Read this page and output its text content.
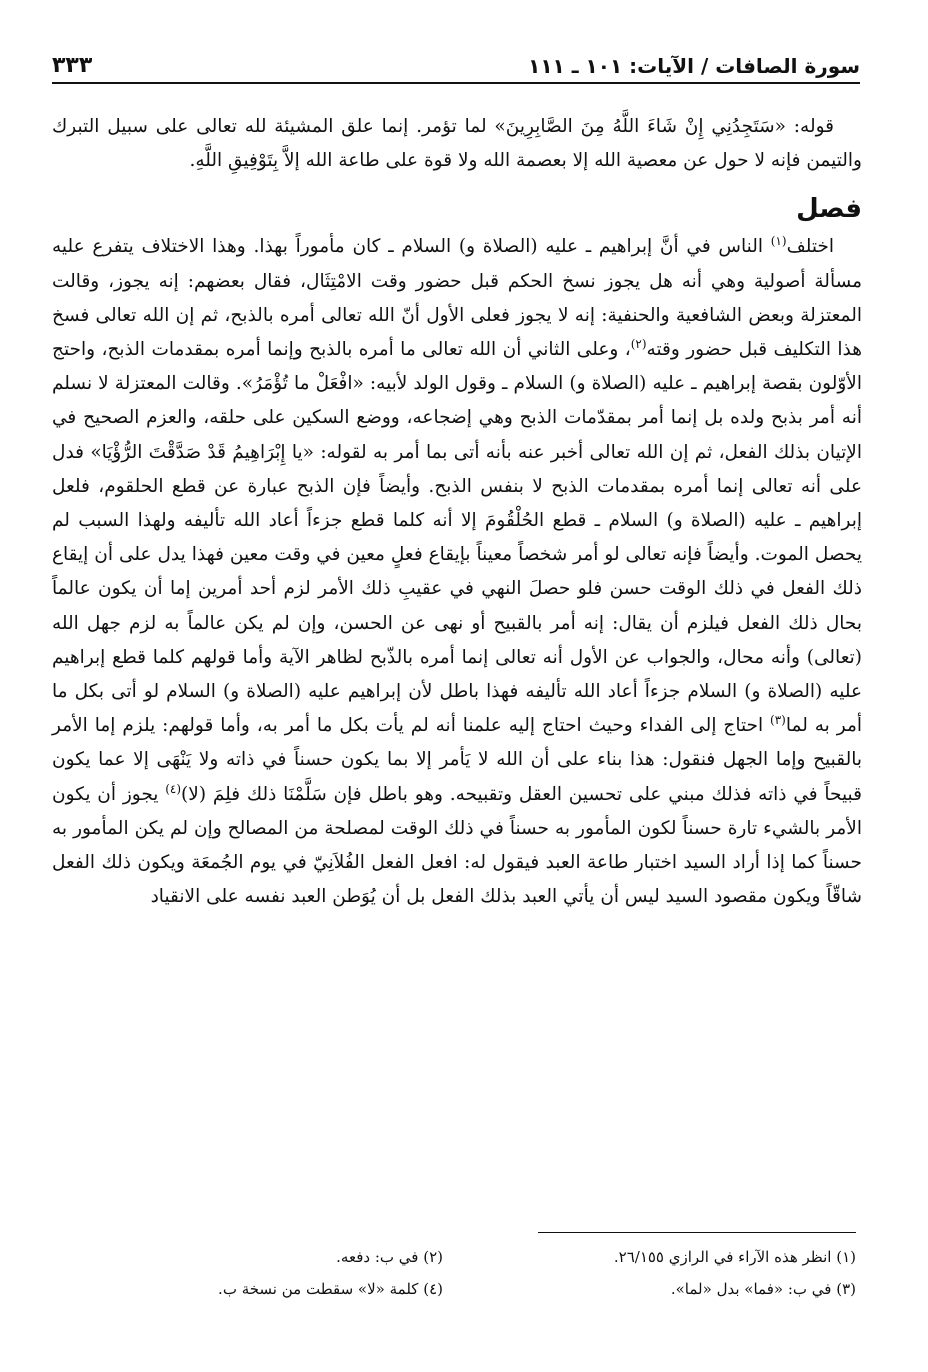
سورة الصافات / الآيات: ١٠١ ـ ١١١
٣٣٣

قوله: «سَتَجِدُنِي إِنْ شَاءَ اللَّهُ مِنَ الصَّابِرِينَ» لما تؤمر. إنما علق المشيئة لله تعالى على سبيل التبرك والتيمن فإنه لا حول عن معصية الله إلا بعصمة الله ولا قوة على طاعة الله إلاَّ بِتَوْفِيقِ اللَّهِ.

فصل

اختلف$^{(١)}$ الناس في أنَّ إبراهيم ـ عليه (الصلاة و) السلام ـ كان مأموراً بهذا. وهذا الاختلاف يتفرع عليه مسألة أصولية وهي أنه هل يجوز نسخ الحكم قبل حضور وقت الامْتِثَال، فقال بعضهم: إنه يجوز، وقالت المعتزلة وبعض الشافعية والحنفية: إنه لا يجوز فعلى الأول أنّ الله تعالى أمره بالذبح، ثم إن الله تعالى فسخ هذا التكليف قبل حضور وقته$^{(٢)}$، وعلى الثاني أن الله تعالى ما أمره بالذبح وإنما أمره بمقدمات الذبح، واحتج الأوّلون بقصة إبراهيم ـ عليه (الصلاة و) السلام ـ وقول الولد لأبيه: «افْعَلْ ما تُؤْمَرُ». وقالت المعتزلة لا نسلم أنه أمر بذبح ولده بل إنما أمر بمقدّمات الذبح وهي إضجاعه، ووضع السكين على حلقه، والعزم الصحيح في الإتيان بذلك الفعل، ثم إن الله تعالى أخبر عنه بأنه أتى بما أمر به لقوله: «يا إِبْرَاهِيمُ قَدْ صَدَّقْتَ الرُّؤْيَا» فدل على أنه تعالى إنما أمره بمقدمات الذبح لا بنفس الذبح. وأيضاً فإن الذبح عبارة عن قطع الحلقوم، فلعل إبراهيم ـ عليه (الصلاة و) السلام ـ قطع الحُلْقُومَ إلا أنه كلما قطع جزءاً أعاد الله تأليفه ولهذا السبب لم يحصل الموت. وأيضاً فإنه تعالى لو أمر شخصاً معيناً بإيقاع فعلٍ معين في وقت معين فهذا يدل على أن إيقاع ذلك الفعل في ذلك الوقت حسن فلو حصلَ النهي في عقيبِ ذلك الأمر لزم أحد أمرين إما أن يكون عالماً بحال ذلك الفعل فيلزم أن يقال: إنه أمر بالقبيح أو نهى عن الحسن، وإن لم يكن عالماً به لزم جهل الله (تعالى) وأنه محال، والجواب عن الأول أنه تعالى إنما أمره بالذّبح لظاهر الآية وأما قولهم كلما قطع إبراهيم عليه (الصلاة و) السلام جزءاً أعاد الله تأليفه فهذا باطل لأن إبراهيم عليه (الصلاة و) السلام لو أتى بكل ما أمر به لما$^{(٣)}$ احتاج إلى الفداء وحيث احتاج إليه علمنا أنه لم يأت بكل ما أمر به، وأما قولهم: يلزم إما الأمر بالقبيح وإما الجهل فنقول: هذا بناء على أن الله لا يَأمر إلا بما يكون حسناً في ذاته ولا يَنْهَى إلا عما يكون قبيحاً في ذاته فذلك مبني على تحسين العقل وتقبيحه. وهو باطل فإن سَلَّمْنَا ذلك فلِمَ (لا)$^{(٤)}$ يجوز أن يكون الأمر بالشيء تارة حسناً لكون المأمور به حسناً في ذلك الوقت لمصلحة من المصالح وإن لم يكن المأمور به حسناً كما إذا أراد السيد اختبار طاعة العبد فيقول له: افعل الفعل الفُلاَنِيّ في يوم الجُمعَة ويكون ذلك الفعل شاقّاً ويكون مقصود السيد ليس أن يأتي العبد بذلك الفعل بل أن يُوَطن العبد نفسه على الانقياد

(١) انظر هذه الآراء في الرازي ٢٦/١٥٥.
(٢) في ب: دفعه.
(٣) في ب: «فما» بدل «لما».
(٤) كلمة «لا» سقطت من نسخة ب.
